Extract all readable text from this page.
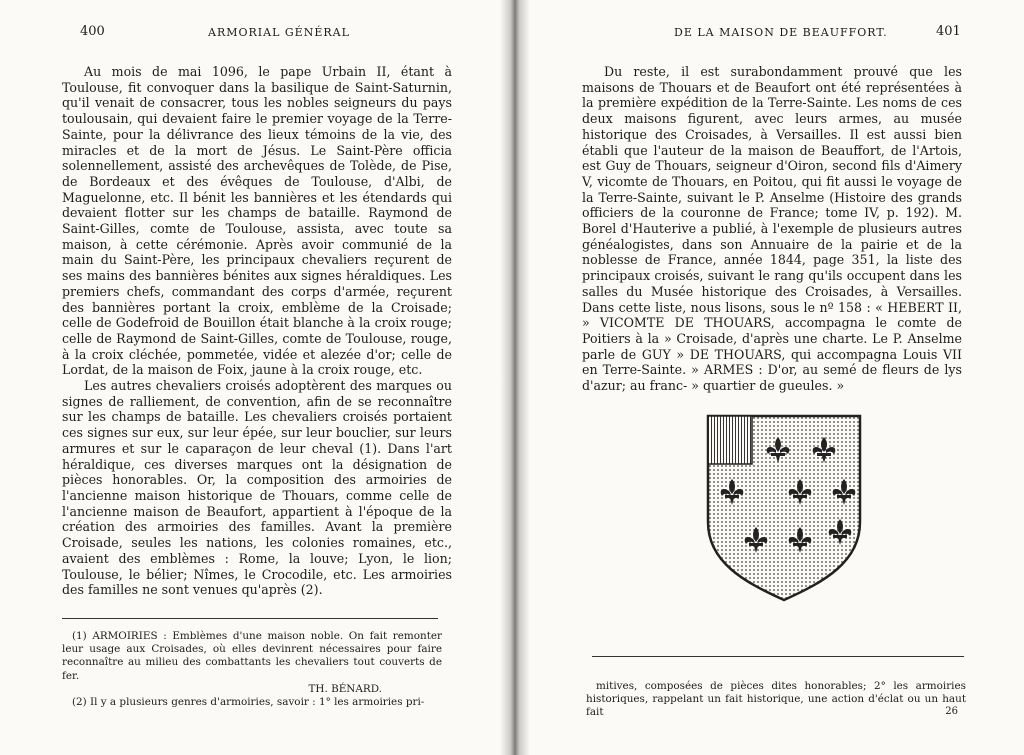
400	ARMORIAL GÉNÉRAL

Au mois de mai 1096, le pape Urbain II, étant à Toulouse, fit convoquer dans la basilique de Saint-Saturnin, qu'il venait de consacrer, tous les nobles seigneurs du pays toulousain, qui devaient faire le premier voyage de la Terre-Sainte, pour la délivrance des lieux témoins de la vie, des miracles et de la mort de Jésus. Le Saint-Père officia solennellement, assisté des archevêques de Tolède, de Pise, de Bordeaux et des évêques de Toulouse, d'Albi, de Maguelonne, etc. Il bénit les bannières et les étendards qui devaient flotter sur les champs de bataille. Raymond de Saint-Gilles, comte de Toulouse, assista, avec toute sa maison, à cette cérémonie. Après avoir communié de la main du Saint-Père, les principaux chevaliers reçurent de ses mains des bannières bénites aux signes héraldiques. Les premiers chefs, commandant des corps d'armée, reçurent des bannières portant la croix, emblème de la Croisade; celle de Godefroid de Bouillon était blanche à la croix rouge; celle de Raymond de Saint-Gilles, comte de Toulouse, rouge, à la croix cléchée, pommetée, vidée et alezée d'or; celle de Lordat, de la maison de Foix, jaune à la croix rouge, etc.

Les autres chevaliers croisés adoptèrent des marques ou signes de ralliement, de convention, afin de se reconnaître sur les champs de bataille. Les chevaliers croisés portaient ces signes sur eux, sur leur épée, sur leur bouclier, sur leurs armures et sur le caparaçon de leur cheval (1). Dans l'art héraldique, ces diverses marques ont la désignation de pièces honorables. Or, la composition des armoiries de l'ancienne maison historique de Thouars, comme celle de l'ancienne maison de Beaufort, appartient à l'époque de la création des armoiries des familles. Avant la première Croisade, seules les nations, les colonies romaines, etc., avaient des emblèmes : Rome, la louve; Lyon, le lion; Toulouse, le bélier; Nîmes, le Crocodile, etc. Les armoiries des familles ne sont venues qu'après (2).

(1) ARMOIRIES : Emblèmes d'une maison noble. On fait remonter leur usage aux Croisades, où elles devinrent nécessaires pour faire reconnaître au milieu des combattants les chevaliers tout couverts de fer.

TH. BÉNARD.

(2) Il y a plusieurs genres d'armoiries, savoir : 1° les armoiries pri-

DE LA MAISON DE BEAUFFORT.	401

Du reste, il est surabondamment prouvé que les maisons de Thouars et de Beaufort ont été représentées à la première expédition de la Terre-Sainte. Les noms de ces deux maisons figurent, avec leurs armes, au musée historique des Croisades, à Versailles. Il est aussi bien établi que l'auteur de la maison de Beauffort, de l'Artois, est Guy de Thouars, seigneur d'Oiron, second fils d'Aimery V, vicomte de Thouars, en Poitou, qui fit aussi le voyage de la Terre-Sainte, suivant le P. Anselme (Histoire des grands officiers de la couronne de France; tome IV, p. 192). M. Borel d'Hauterive a publié, à l'exemple de plusieurs autres généalogistes, dans son Annuaire de la pairie et de la noblesse de France, année 1844, page 351, la liste des principaux croisés, suivant le rang qu'ils occupent dans les salles du Musée historique des Croisades, à Versailles. Dans cette liste, nous lisons, sous le nº 158 : « HEBERT II, » VICOMTE DE THOUARS, accompagna le comte de Poitiers à la » Croisade, d'après une charte. Le P. Anselme parle de GUY » DE THOUARS, qui accompagna Louis VII en Terre-Sainte. » ARMES : D'or, au semé de fleurs de lys d'azur; au franc- » quartier de gueules. »

mitives, composées de pièces dites honorables; 2° les armoiries historiques, rappelant un fait historique, une action d'éclat ou un haut fait	26
